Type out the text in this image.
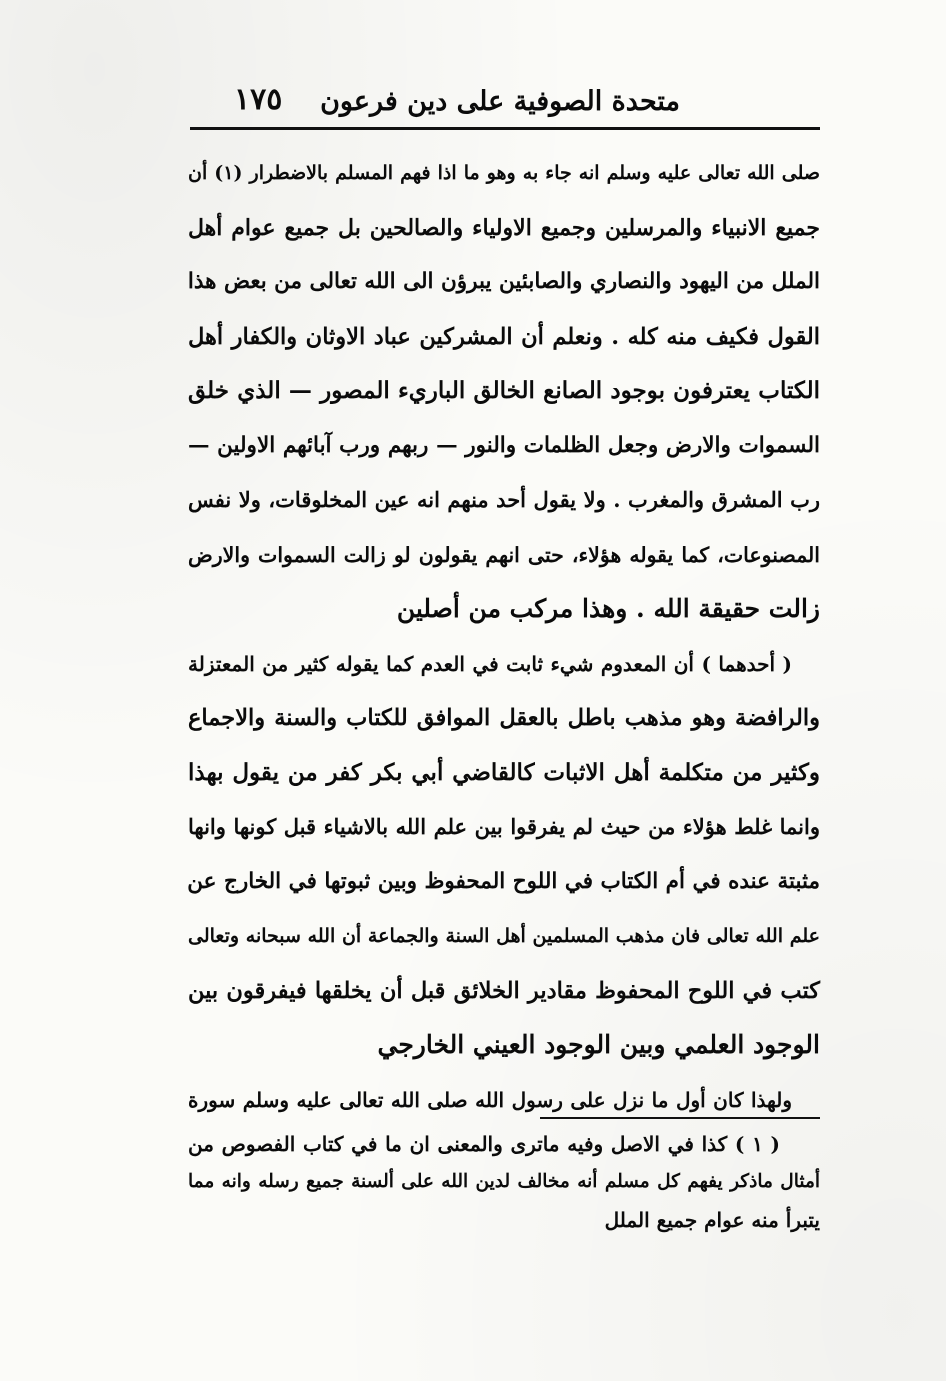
متحدة الصوفية على دين فرعون
١٧٥
صلى الله تعالى عليه وسلم انه جاء به وهو ما اذا فهم المسلم بالاضطرار (١) أن
جميع الانبياء والمرسلين وجميع الاولياء والصالحين بل جميع عوام أهل
الملل من اليهود والنصاري والصابئين يبرؤن الى الله تعالى من بعض هذا
القول فكيف منه كله . ونعلم أن المشركين عباد الاوثان والكفار أهل
الكتاب يعترفون بوجود الصانع الخالق الباريء المصور — الذي خلق
السموات والارض وجعل الظلمات والنور — ربهم ورب آبائهم الاولين —
رب المشرق والمغرب . ولا يقول أحد منهم انه عين المخلوقات، ولا نفس
المصنوعات، كما يقوله هؤلاء، حتى انهم يقولون لو زالت السموات والارض
زالت حقيقة الله . وهذا مركب من أصلين
( أحدهما ) أن المعدوم شيء ثابت في العدم كما يقوله كثير من المعتزلة
والرافضة وهو مذهب باطل بالعقل الموافق للكتاب والسنة والاجماع
وكثير من متكلمة أهل الاثبات كالقاضي أبي بكر كفر من يقول بهذا
وانما غلط هؤلاء من حيث لم يفرقوا بين علم الله بالاشياء قبل كونها وانها
مثبتة عنده في أم الكتاب في اللوح المحفوظ وبين ثبوتها في الخارج عن
علم الله تعالى فان مذهب المسلمين أهل السنة والجماعة أن الله سبحانه وتعالى
كتب في اللوح المحفوظ مقادير الخلائق قبل أن يخلقها فيفرقون بين
الوجود العلمي وبين الوجود العيني الخارجي
ولهذا كان أول ما نزل على رسول الله صلى الله تعالى عليه وسلم سورة
( ١ ) كذا في الاصل وفيه ماترى والمعنى ان ما في كتاب الفصوص من
أمثال ماذكر يفهم كل مسلم أنه مخالف لدين الله على ألسنة جميع رسله وانه مما
يتبرأ منه عوام جميع الملل
